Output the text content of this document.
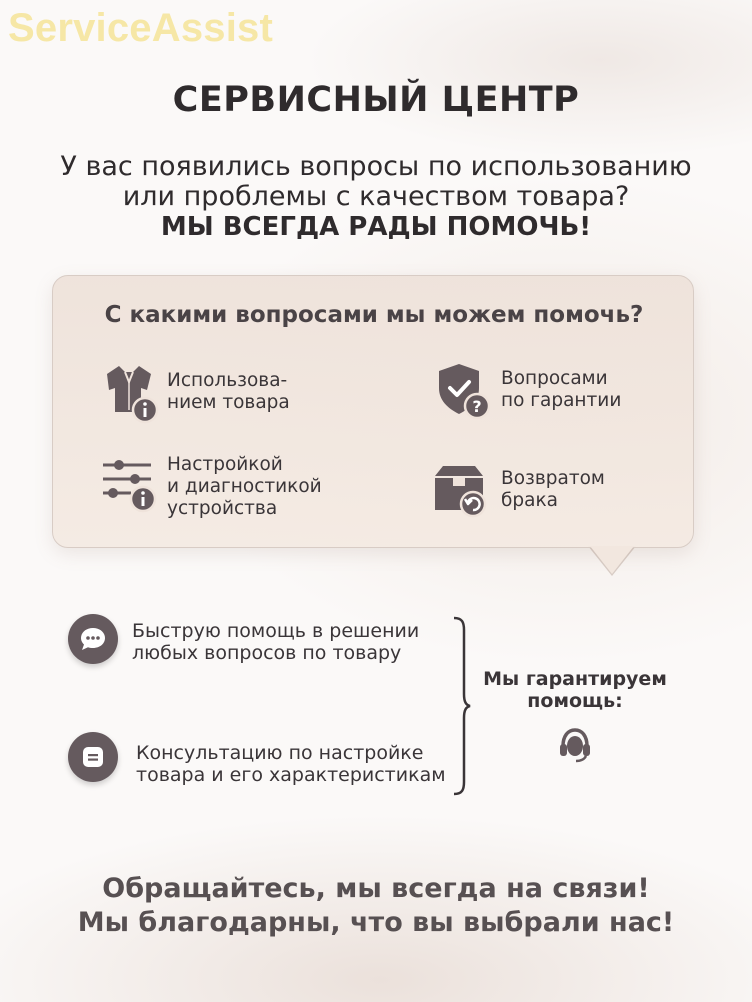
ServiceAssist
СЕРВИСНЫЙ ЦЕНТР
У вас появились вопросы по использованию
или проблемы с качеством товара?
МЫ ВСЕГДА РАДЫ ПОМОЧЬ!
С какими вопросами мы можем помочь?
Использова-
нием товара	?
Вопросами
по гарантии
Настройкой
и диагностикой
устройства
Возвратом
брака
Быструю помощь в решении
любых вопросов по товару
Консультацию по настройке
товара и его характеристикам
Мы гарантируем
помощь:
Обращайтесь, мы всегда на связи!
Мы благодарны, что вы выбрали нас!
